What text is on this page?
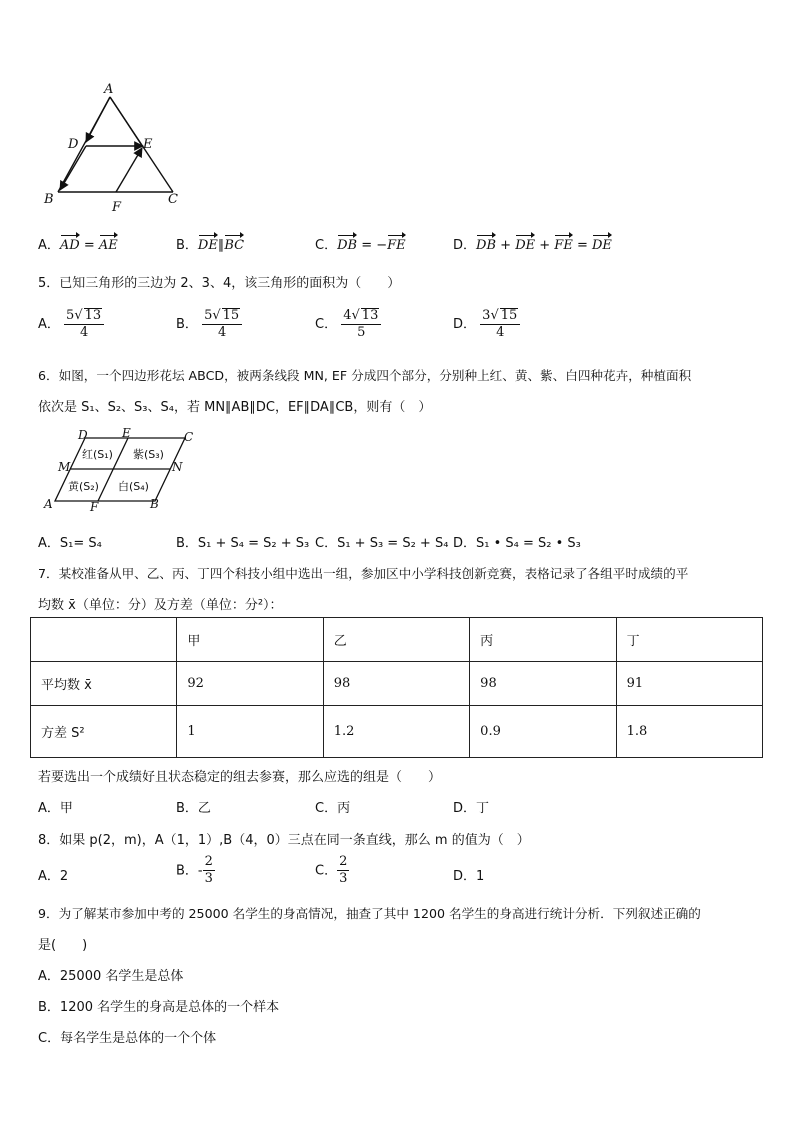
A
D	E
B
F
C
A．AD = AE	B．DE∥BC	C．DB = −FE	D．DB + DE + FE = DE
5．已知三角形的三边为 2、3、4，该三角形的面积为（　　）
A． $\frac{5√ 13}{4}$	B． $\frac{5√ 15}{4}$	C． $\frac{4√ 13}{5}$	D． $\frac{3√ 15}{4}$
6．如图，一个四边形花坛 ABCD，被两条线段 MN, EF 分成四个部分，分别种上红、黄、紫、白四种花卉，种植面积
依次是 S₁、S₂、S₃、S₄，若 MN∥AB∥DC，EF∥DA∥CB，则有（　）
D	E	C
M	N
A	F	B
红(S₁) 紫(S₃)
黄(S₂) 白(S₄)
A．S₁= S₄	B．S₁ + S₄ = S₂ + S₃ C．S₁ + S₃ = S₂ + S₄ D．S₁ • S₄ = S₂ • S₃
7．某校准备从甲、乙、丙、丁四个科技小组中选出一组，参加区中小学科技创新竞赛，表格记录了各组平时成绩的平
均数 x̄（单位：分）及方差（单位：分²）：
	甲	乙	丙	丁
平均数 x̄	92	98	98	91
方差 S²	1	1.2	0.9	1.8
若要选出一个成绩好且状态稳定的组去参赛，那么应选的组是（　　）
A．甲	B．乙	C．丙	D．丁
8．如果 p(2，m)，A（1，1）,B（4，0）三点在同一条直线，那么 m 的值为（　）
A．2	B．- $\frac{2}{3}$	C． $\frac{2}{3}$	D．1
9．为了解某市参加中考的 25000 名学生的身高情况，抽查了其中 1200 名学生的身高进行统计分析．下列叙述正确的
是(　　)
A．25000 名学生是总体
B．1200 名学生的身高是总体的一个样本
C．每名学生是总体的一个个体
